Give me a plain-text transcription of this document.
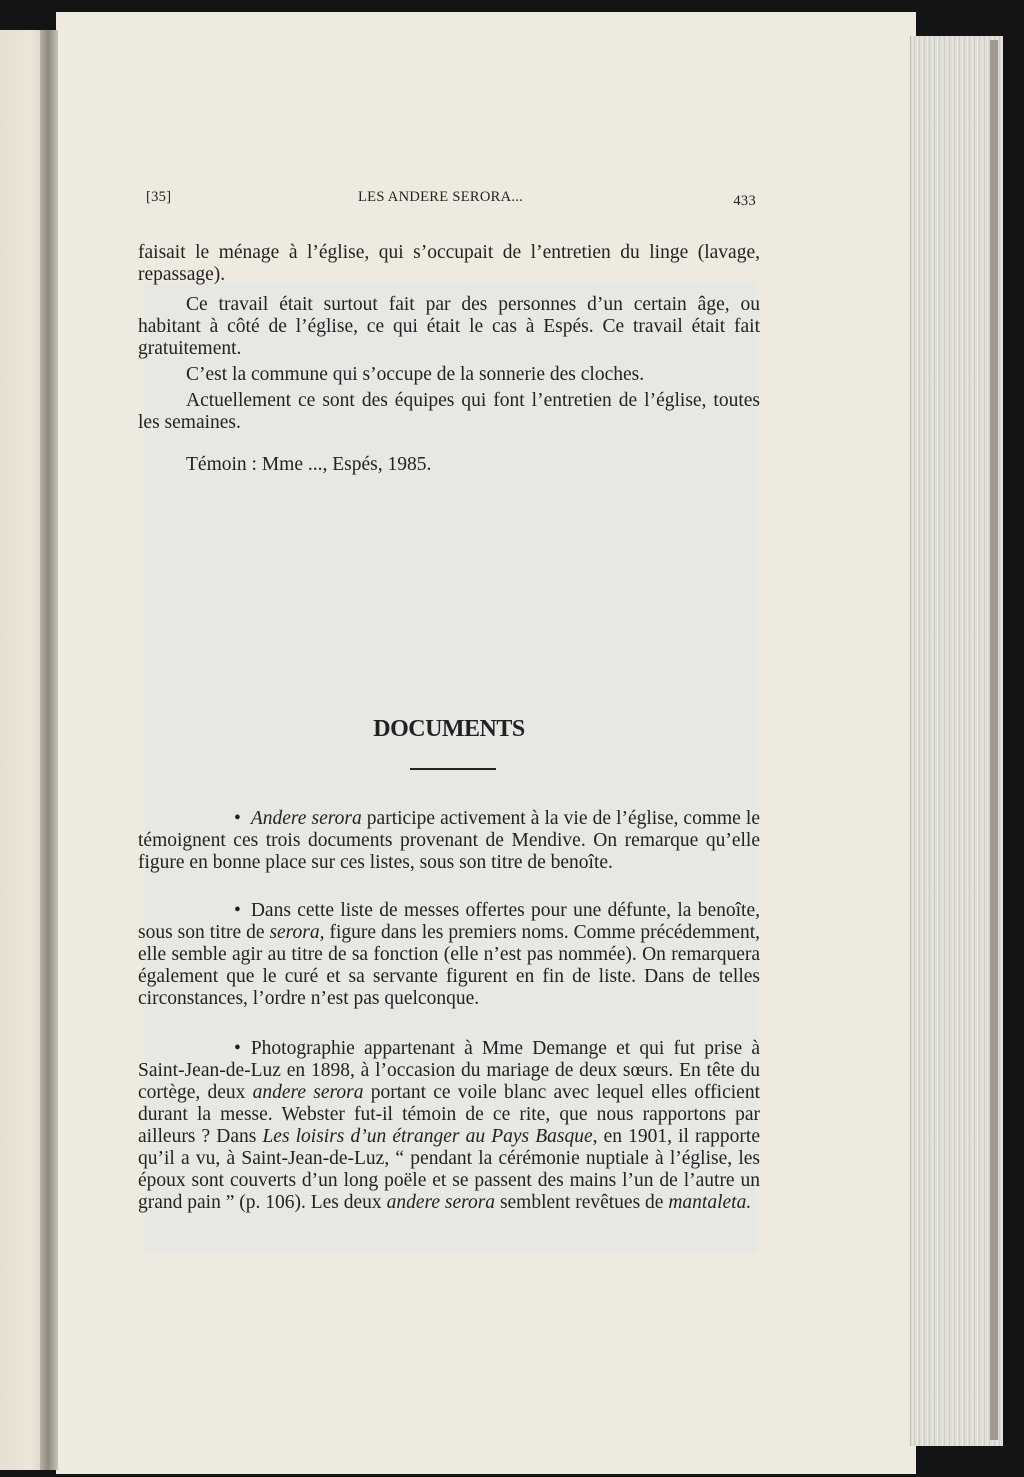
[35]	LES ANDERE SERORA...	433

faisait le ménage à l’église, qui s’occupait de l’entretien du linge (lavage, repassage).

Ce travail était surtout fait par des personnes d’un certain âge, ou habitant à côté de l’église, ce qui était le cas à Espés. Ce travail était fait gratuitement.

C’est la commune qui s’occupe de la sonnerie des cloches.

Actuellement ce sont des équipes qui font l’entretien de l’église, toutes les semaines.

Témoin : Mme ..., Espés, 1985.

DOCUMENTS

• Andere serora participe activement à la vie de l’église, comme le témoignent ces trois documents provenant de Mendive. On remarque qu’elle figure en bonne place sur ces listes, sous son titre de benoîte.

• Dans cette liste de messes offertes pour une défunte, la benoîte, sous son titre de serora, figure dans les premiers noms. Comme précédemment, elle semble agir au titre de sa fonction (elle n’est pas nommée). On remarquera également que le curé et sa servante figurent en fin de liste. Dans de telles circonstances, l’ordre n’est pas quelconque.

• Photographie appartenant à Mme Demange et qui fut prise à Saint-Jean-de-Luz en 1898, à l’occasion du mariage de deux sœurs. En tête du cortège, deux andere serora portant ce voile blanc avec lequel elles officient durant la messe. Webster fut-il témoin de ce rite, que nous rapportons par ailleurs ? Dans Les loisirs d’un étranger au Pays Basque, en 1901, il rapporte qu’il a vu, à Saint-Jean-de-Luz, “ pendant la cérémonie nuptiale à l’église, les époux sont couverts d’un long poële et se passent des mains l’un de l’autre un grand pain ” (p. 106). Les deux andere serora semblent revêtues de mantaleta.
